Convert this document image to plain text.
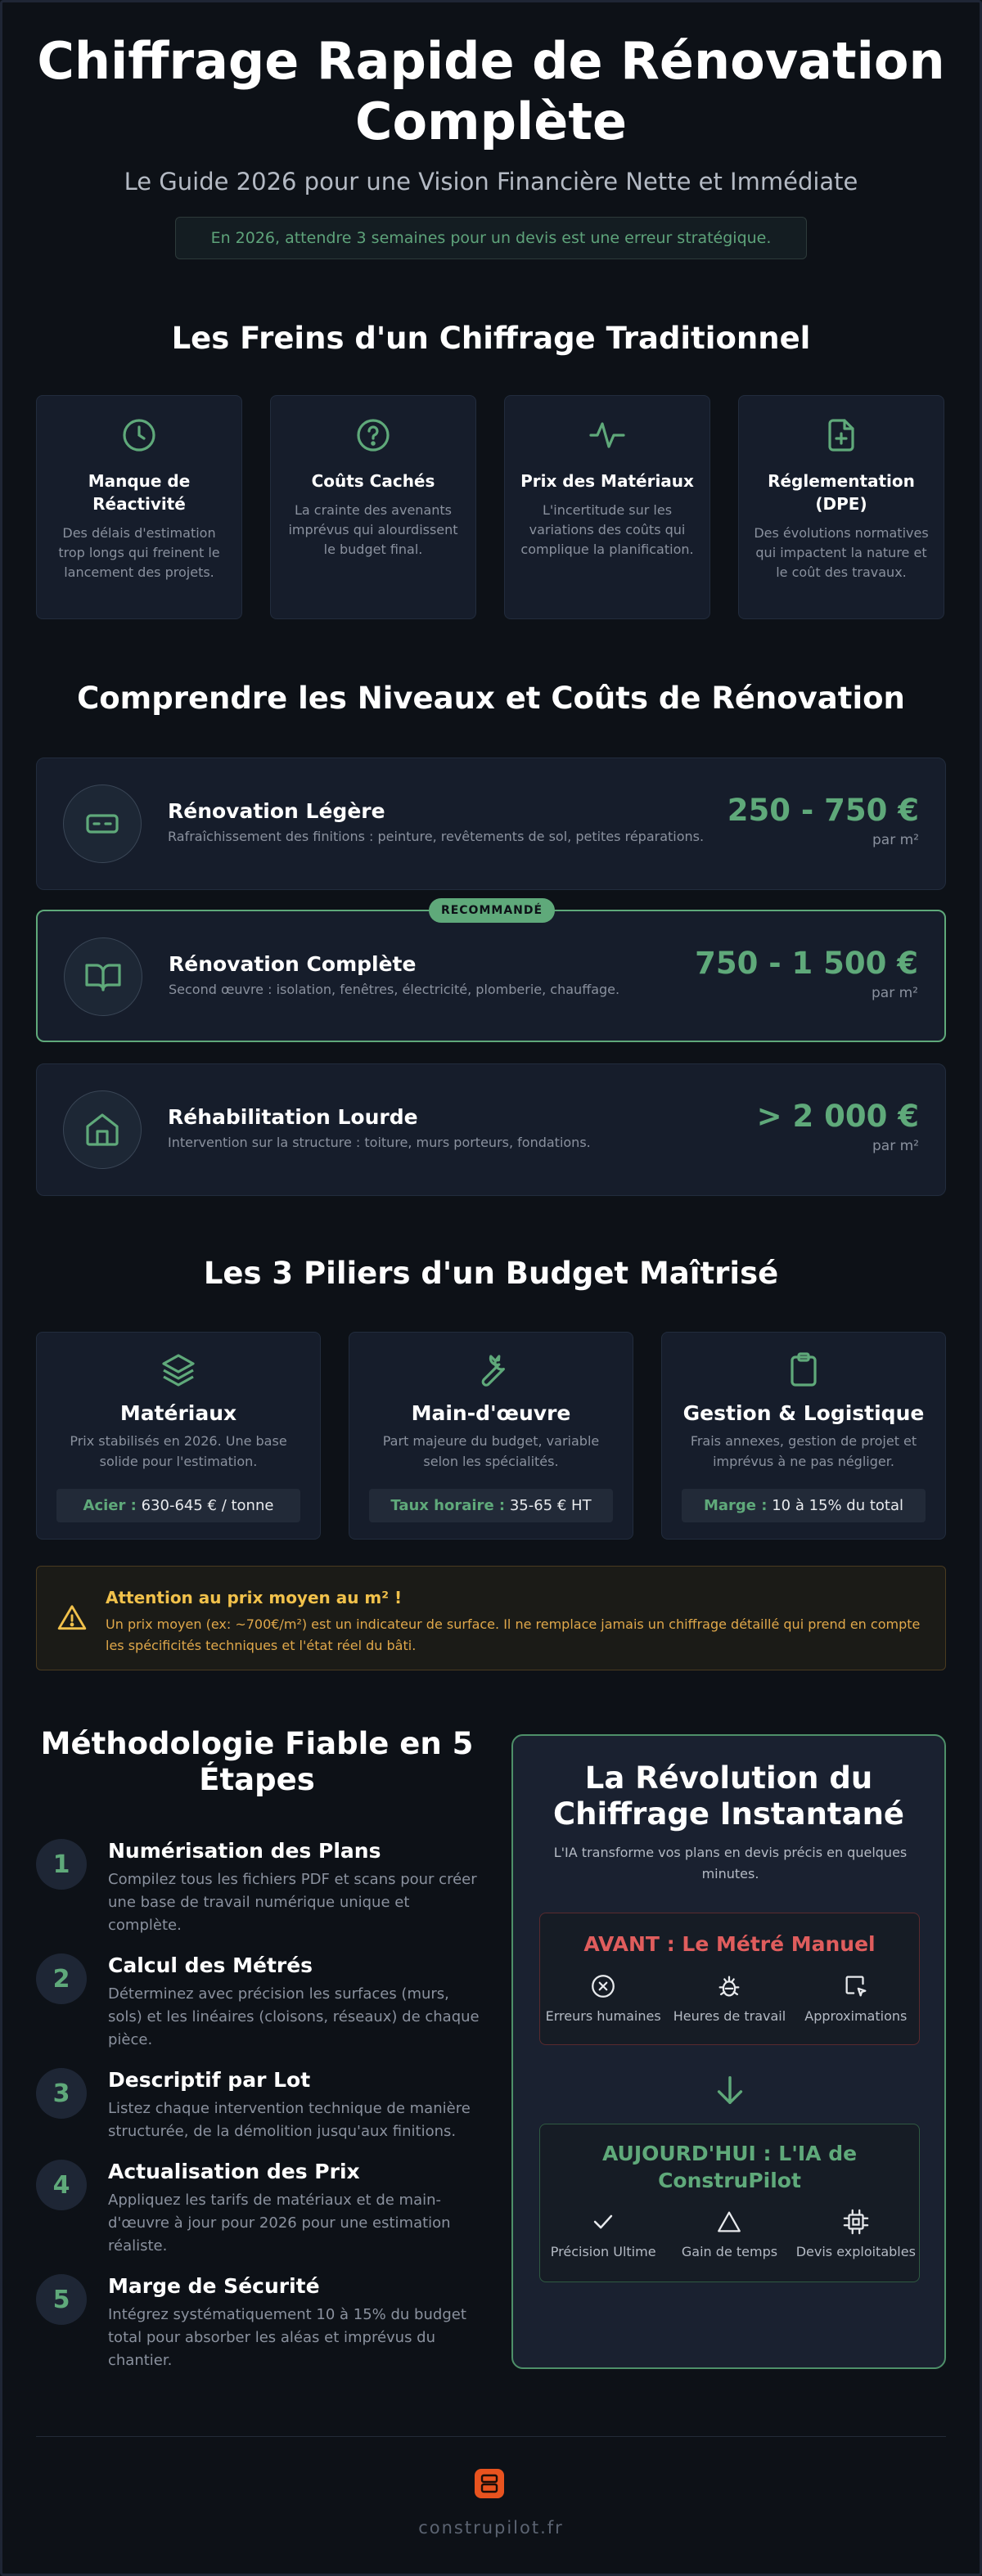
Chiffrage Rapide de Rénovation
Complète
Le Guide 2026 pour une Vision Financière Nette et Immédiate
En 2026, attendre 3 semaines pour un devis est une erreur stratégique.
Les Freins d'un Chiffrage Traditionnel
Manque de Réactivité
Des délais d'estimation trop longs qui freinent le lancement des projets.
Coûts Cachés
La crainte des avenants imprévus qui alourdissent le budget final.
Prix des Matériaux
L'incertitude sur les variations des coûts qui complique la planification.
Réglementation (DPE)
Des évolutions normatives qui impactent la nature et le coût des travaux.
Comprendre les Niveaux et Coûts de Rénovation
Rénovation Légère
Rafraîchissement des finitions : peinture, revêtements de sol, petites réparations.
250 - 750 €
par m²
RECOMMANDÉ
Rénovation Complète
Second œuvre : isolation, fenêtres, électricité, plomberie, chauffage.
750 - 1 500 €
par m²
Réhabilitation Lourde
Intervention sur la structure : toiture, murs porteurs, fondations.
> 2 000 €
par m²
Les 3 Piliers d'un Budget Maîtrisé
Matériaux
Prix stabilisés en 2026. Une base solide pour l'estimation.
Acier : 630-645 € / tonne
Main-d'œuvre
Part majeure du budget, variable selon les spécialités.
Taux horaire : 35-65 € HT
Gestion & Logistique
Frais annexes, gestion de projet et imprévus à ne pas négliger.
Marge : 10 à 15% du total
Attention au prix moyen au m² !
Un prix moyen (ex: ~700€/m²) est un indicateur de surface. Il ne remplace jamais un chiffrage détaillé qui prend en compte les spécificités techniques et l'état réel du bâti.
Méthodologie Fiable en 5 Étapes
1	Numérisation des Plans
Compilez tous les fichiers PDF et scans pour créer une base de travail numérique unique et complète.
2	Calcul des Métrés
Déterminez avec précision les surfaces (murs, sols) et les linéaires (cloisons, réseaux) de chaque pièce.
3	Descriptif par Lot
Listez chaque intervention technique de manière structurée, de la démolition jusqu'aux finitions.
4	Actualisation des Prix
Appliquez les tarifs de matériaux et de main-d'œuvre à jour pour 2026 pour une estimation réaliste.
5	Marge de Sécurité
Intégrez systématiquement 10 à 15% du budget total pour absorber les aléas et imprévus du chantier.
La Révolution du Chiffrage Instantané
L'IA transforme vos plans en devis précis en quelques minutes.
AVANT : Le Métré Manuel
Erreurs humaines Heures de travail	Approximations
AUJOURD'HUI : L'IA de ConstruPilot
Précision Ultime	Gain de temps	Devis exploitables
construpilot.fr
